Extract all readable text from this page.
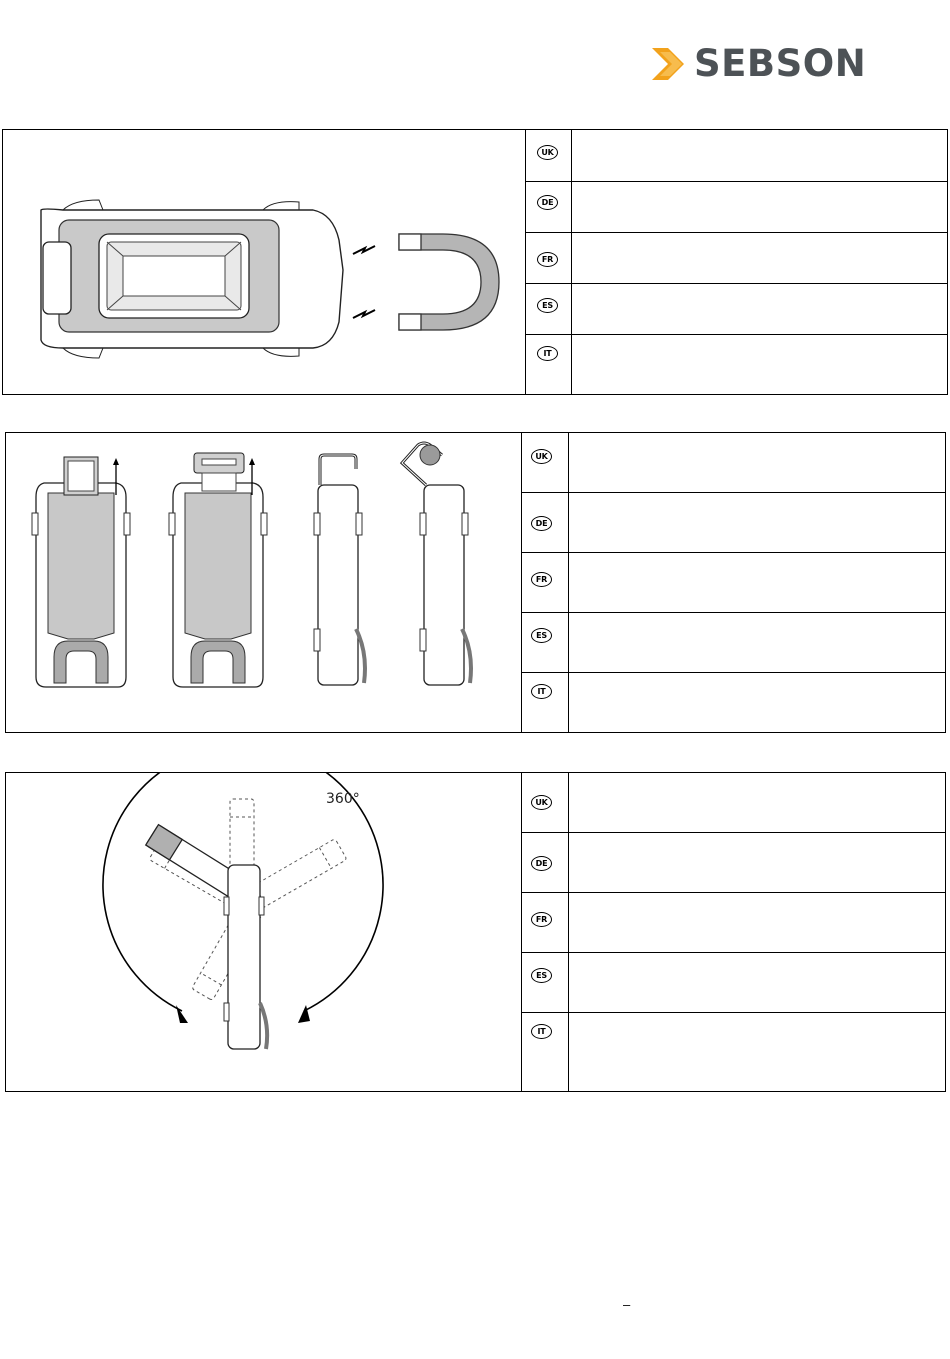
SEBSON
UK
DE
FR
ES
IT
UK
DE
FR
ES
IT
360°	UK
DE
FR
ES
IT
–
